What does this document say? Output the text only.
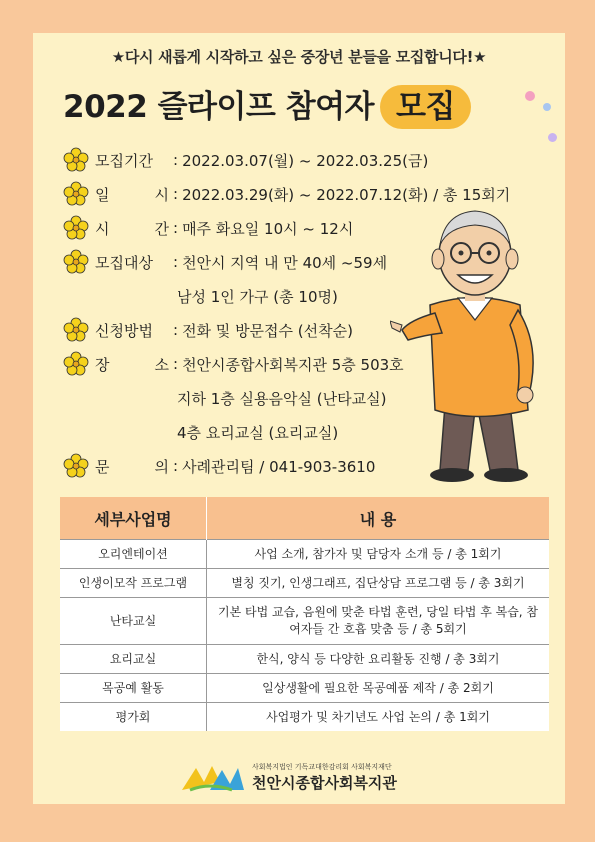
★다시 새롭게 시작하고 싶은 중장년 분들을 모집합니다!★
2022 즐라이프 참여자 모집
모집기간 : 2022.03.07(월) ~ 2022.03.25(금)
일	시 : 2022.03.29(화) ~ 2022.07.12(화) / 총 15회기
시	간 : 매주 화요일 10시 ~ 12시
모집대상 : 천안시 지역 내 만 40세 ~59세
남성 1인 가구 (총 10명)
신청방법 : 전화 및 방문접수 (선착순)
장	소 : 천안시종합사회복지관 5층 503호
지하 1층 실용음악실 (난타교실)
4층 요리교실 (요리교실)
문	의 : 사례관리팀 / 041-903-3610
세부사업명	내 용
오리엔테이션	사업 소개, 참가자 및 담당자 소개 등 / 총 1회기
인생이모작 프로그램	별칭 짓기, 인생그래프, 집단상담 프로그램 등 / 총 3회기
난타교실	기본 타법 교습, 음원에 맞춘 타법 훈련, 당일 타법 후 복습, 참여자들 간 호흡 맞춤 등 / 총 5회기
요리교실	한식, 양식 등 다양한 요리활동 진행 / 총 3회기
목공예 활동	일상생활에 필요한 목공예품 제작 / 총 2회기
평가회	사업평가 및 차기년도 사업 논의 / 총 1회기
사회복지법인 기독교대한감리회 사회복지재단
천안시종합사회복지관
